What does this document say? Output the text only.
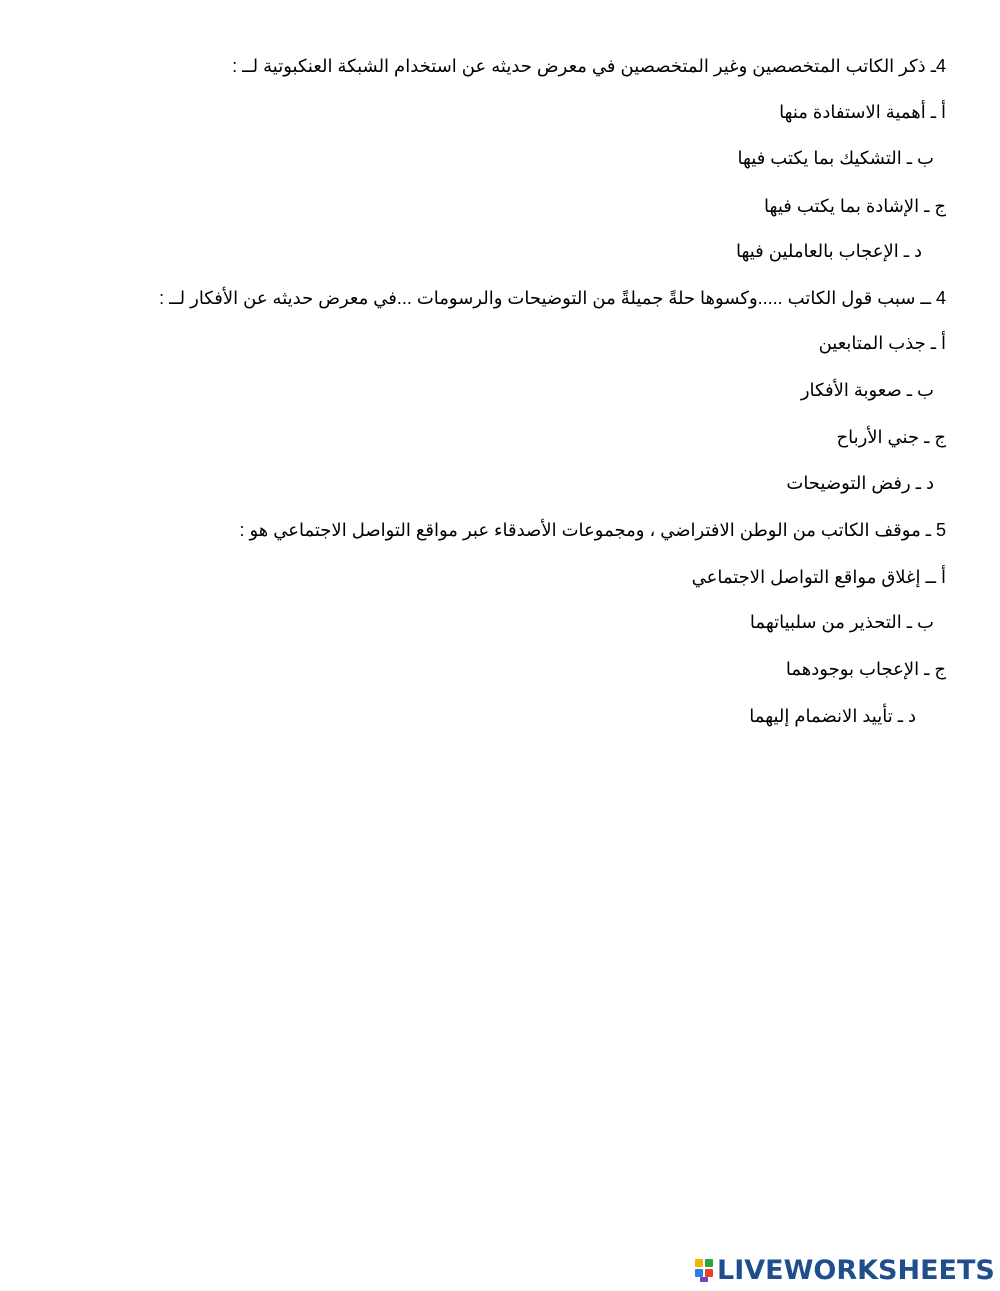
4ـ ذكر الكاتب المتخصصين وغير المتخصصين في معرض حديثه عن استخدام الشبكة العنكبوتية لــ :
أ ـ أهمية الاستفادة منها
ب ـ التشكيك بما يكتب فيها
ج ـ الإشادة بما يكتب فيها
د ـ الإعجاب بالعاملين فيها
4 ــ سبب قول الكاتب .....وكسوها حلةً جميلةً من التوضيحات والرسومات ...في معرض حديثه عن الأفكار لــ :
أ ـ جذب المتابعين
ب ـ صعوبة الأفكار
ج ـ جني الأرباح
د ـ رفض التوضيحات
5 ـ موقف الكاتب من الوطن الافتراضي ، ومجموعات الأصدقاء عبر مواقع التواصل الاجتماعي هو :
أ ــ إغلاق مواقع التواصل الاجتماعي
ب ـ التحذير من سلبياتهما
ج ـ الإعجاب بوجودهما
د ـ تأييد الانضمام إليهما
LIVEWORKSHEETS
